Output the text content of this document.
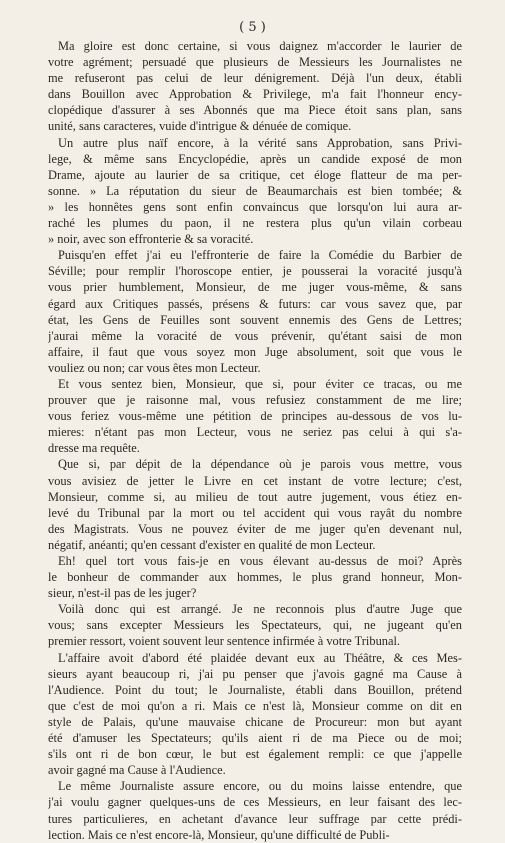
( 5 )
Ma gloire est donc certaine, si vous daignez m'accorder le laurier de
votre agrément; persuadé que plusieurs de Messieurs les Journalistes ne
me refuseront pas celui de leur dénigrement. Déjà l'un deux, établi
dans Bouillon avec Approbation & Privilege, m'a fait l'honneur ency-
clopédique d'assurer à ses Abonnés que ma Piece étoit sans plan, sans
unité, sans caracteres, vuide d'intrigue & dénuée de comique.
Un autre plus naïf encore, à la vérité sans Approbation, sans Privi-
lege, & même sans Encyclopédie, après un candide exposé de mon
Drame, ajoute au laurier de sa critique, cet éloge flatteur de ma per-
sonne. » La réputation du sieur de Beaumarchais est bien tombée; &
» les honnêtes gens sont enfin convaincus que lorsqu'on lui aura ar-
raché les plumes du paon, il ne restera plus qu'un vilain corbeau
» noir, avec son effronterie & sa voracité.
Puisqu'en effet j'ai eu l'effronterie de faire la Comédie du Barbier de
Séville; pour remplir l'horoscope entier, je pousserai la voracité jusqu'à
vous prier humblement, Monsieur, de me juger vous-même, & sans
égard aux Critiques passés, présens & futurs: car vous savez que, par
état, les Gens de Feuilles sont souvent ennemis des Gens de Lettres;
j'aurai même la voracité de vous prévenir, qu'étant saisi de mon
affaire, il faut que vous soyez mon Juge absolument, soit que vous le
vouliez ou non; car vous êtes mon Lecteur.
Et vous sentez bien, Monsieur, que si, pour éviter ce tracas, ou me
prouver que je raisonne mal, vous refusiez constamment de me lire;
vous feriez vous-même une pétition de principes au-dessous de vos lu-
mieres: n'étant pas mon Lecteur, vous ne seriez pas celui à qui s'a-
dresse ma requête.
Que si, par dépit de la dépendance où je parois vous mettre, vous
vous avisiez de jetter le Livre en cet instant de votre lecture; c'est,
Monsieur, comme si, au milieu de tout autre jugement, vous étiez en-
levé du Tribunal par la mort ou tel accident qui vous rayât du nombre
des Magistrats. Vous ne pouvez éviter de me juger qu'en devenant nul,
négatif, anéanti; qu'en cessant d'exister en qualité de mon Lecteur.
Eh! quel tort vous fais-je en vous élevant au-dessus de moi? Après
le bonheur de commander aux hommes, le plus grand honneur, Mon-
sieur, n'est-il pas de les juger?
Voilà donc qui est arrangé. Je ne reconnois plus d'autre Juge que
vous; sans excepter Messieurs les Spectateurs, qui, ne jugeant qu'en
premier ressort, voient souvent leur sentence infirmée à votre Tribunal.
L'affaire avoit d'abord été plaidée devant eux au Théâtre, & ces Mes-
sieurs ayant beaucoup ri, j'ai pu penser que j'avois gagné ma Cause à
l'Audience. Point du tout; le Journaliste, établi dans Bouillon, prétend
que c'est de moi qu'on a ri. Mais ce n'est là, Monsieur comme on dit en
style de Palais, qu'une mauvaise chicane de Procureur: mon but ayant
été d'amuser les Spectateurs; qu'ils aient ri de ma Piece ou de moi;
s'ils ont ri de bon cœur, le but est également rempli: ce que j'appelle
avoir gagné ma Cause à l'Audience.
Le même Journaliste assure encore, ou du moins laisse entendre, que
j'ai voulu gagner quelques-uns de ces Messieurs, en leur faisant des lec-
tures particulieres, en achetant d'avance leur suffrage par cette prédi-
lection. Mais ce n'est encore-là, Monsieur, qu'une difficulté de Publi-
